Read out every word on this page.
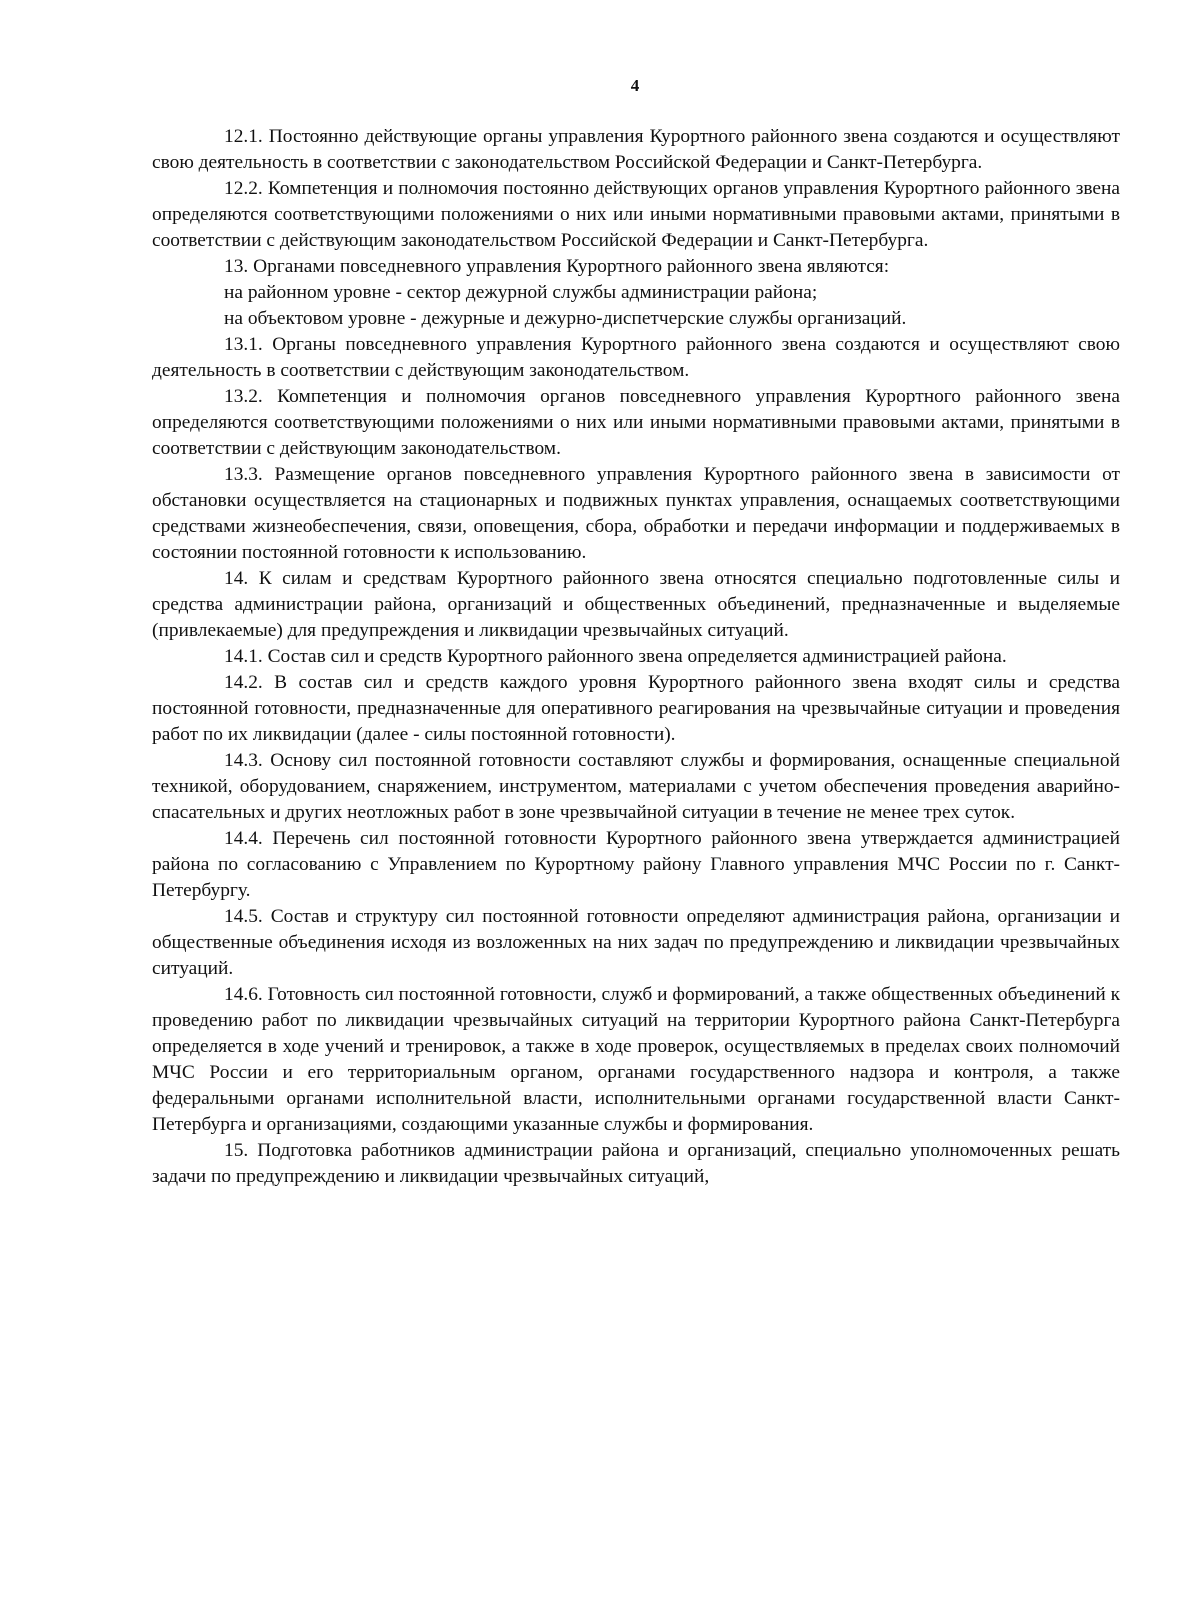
4

12.1. Постоянно действующие органы управления Курортного районного звена создаются и осуществляют свою деятельность в соответствии с законодательством Российской Федерации и Санкт-Петербурга.

12.2. Компетенция и полномочия постоянно действующих органов управления Курортного районного звена определяются соответствующими положениями о них или иными нормативными правовыми актами, принятыми в соответствии с действующим законодательством Российской Федерации и Санкт-Петербурга.

13. Органами повседневного управления Курортного районного звена являются:

на районном уровне - сектор дежурной службы администрации района;

на объектовом уровне - дежурные и дежурно-диспетчерские службы организаций.

13.1. Органы повседневного управления Курортного районного звена создаются и осуществляют свою деятельность в соответствии с действующим законодательством.

13.2. Компетенция и полномочия органов повседневного управления Курортного районного звена определяются соответствующими положениями о них или иными нормативными правовыми актами, принятыми в соответствии с действующим законодательством.

13.3. Размещение органов повседневного управления Курортного районного звена в зависимости от обстановки осуществляется на стационарных и подвижных пунктах управления, оснащаемых соответствующими средствами жизнеобеспечения, связи, оповещения, сбора, обработки и передачи информации и поддерживаемых в состоянии постоянной готовности к использованию.

14. К силам и средствам Курортного районного звена относятся специально подготовленные силы и средства администрации района, организаций и общественных объединений, предназначенные и выделяемые (привлекаемые) для предупреждения и ликвидации чрезвычайных ситуаций.

14.1. Состав сил и средств Курортного районного звена определяется администрацией района.

14.2. В состав сил и средств каждого уровня Курортного районного звена входят силы и средства постоянной готовности, предназначенные для оперативного реагирования на чрезвычайные ситуации и проведения работ по их ликвидации (далее - силы постоянной готовности).

14.3. Основу сил постоянной готовности составляют службы и формирования, оснащенные специальной техникой, оборудованием, снаряжением, инструментом, материалами с учетом обеспечения проведения аварийно-спасательных и других неотложных работ в зоне чрезвычайной ситуации в течение не менее трех суток.

14.4. Перечень сил постоянной готовности Курортного районного звена утверждается администрацией района по согласованию с Управлением по Курортному району Главного управления МЧС России по г. Санкт-Петербургу.

14.5. Состав и структуру сил постоянной готовности определяют администрация района, организации и общественные объединения исходя из возложенных на них задач по предупреждению и ликвидации чрезвычайных ситуаций.

14.6. Готовность сил постоянной готовности, служб и формирований, а также общественных объединений к проведению работ по ликвидации чрезвычайных ситуаций на территории Курортного района Санкт-Петербурга определяется в ходе учений и тренировок, а также в ходе проверок, осуществляемых в пределах своих полномочий МЧС России и его территориальным органом, органами государственного надзора и контроля, а также федеральными органами исполнительной власти, исполнительными органами государственной власти Санкт-Петербурга и организациями, создающими указанные службы и формирования.

15. Подготовка работников администрации района и организаций, специально уполномоченных решать задачи по предупреждению и ликвидации чрезвычайных ситуаций,
